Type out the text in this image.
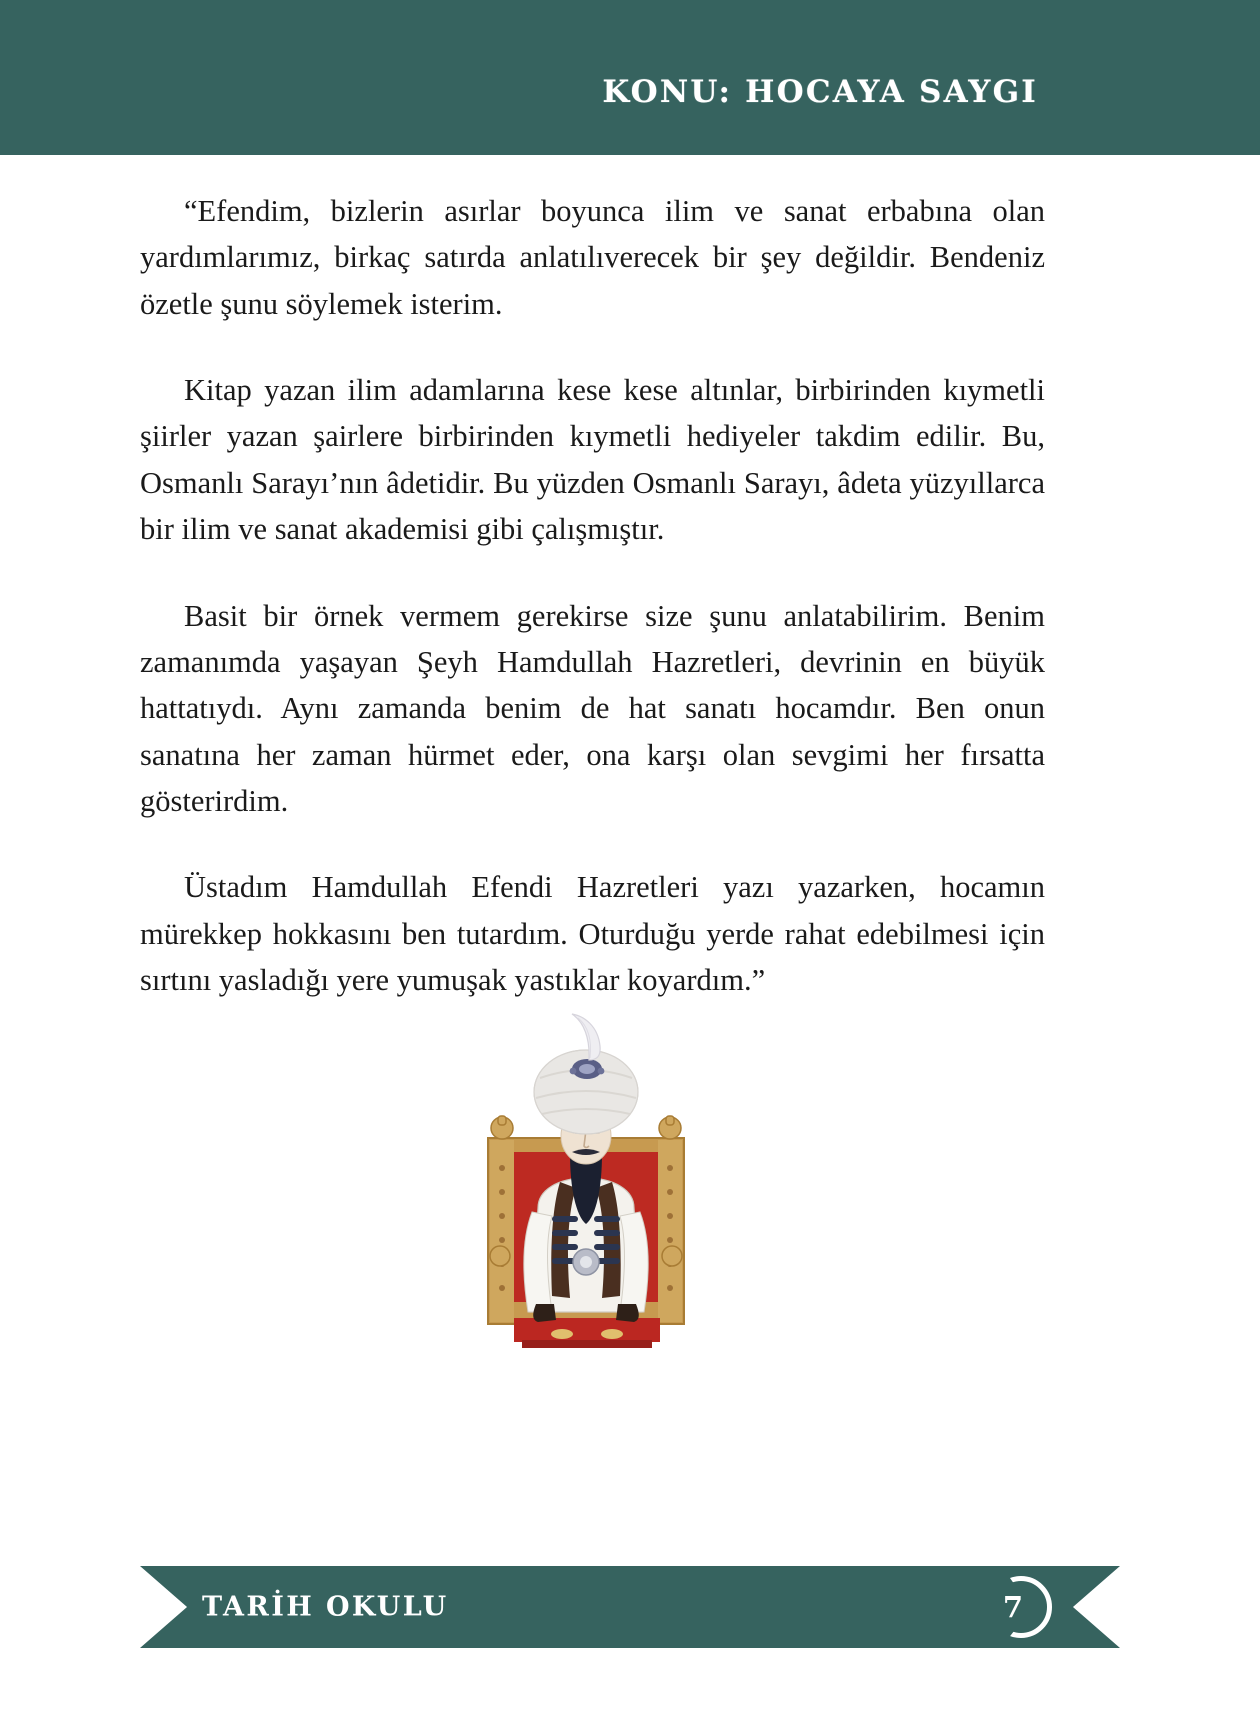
KONU: HOCAYA SAYGI

“Efendim, bizlerin asırlar boyunca ilim ve sanat erbabına olan yardımlarımız, birkaç satırda anlatılıverecek bir şey değildir. Bendeniz özetle şunu söylemek isterim.

Kitap yazan ilim adamlarına kese kese altınlar, birbirinden kıymetli şiirler yazan şairlere birbirinden kıymetli hediyeler takdim edilir. Bu, Osmanlı Sarayı’nın âdetidir. Bu yüzden Osmanlı Sarayı, âdeta yüzyıllarca bir ilim ve sanat akademisi gibi çalışmıştır.

Basit bir örnek vermem gerekirse size şunu anlatabilirim. Benim zamanımda yaşayan Şeyh Hamdullah Hazretleri, devrinin en büyük hattatıydı. Aynı zamanda benim de hat sanatı hocamdır. Ben onun sanatına her zaman hürmet eder, ona karşı olan sevgimi her fırsatta gösterirdim.

Üstadım Hamdullah Efendi Hazretleri yazı yazarken, hocamın mürekkep hokkasını ben tutardım. Oturduğu yerde rahat edebilmesi için sırtını yasladığı yere yumuşak yastıklar koyardım.”

TARİH OKULU	7
